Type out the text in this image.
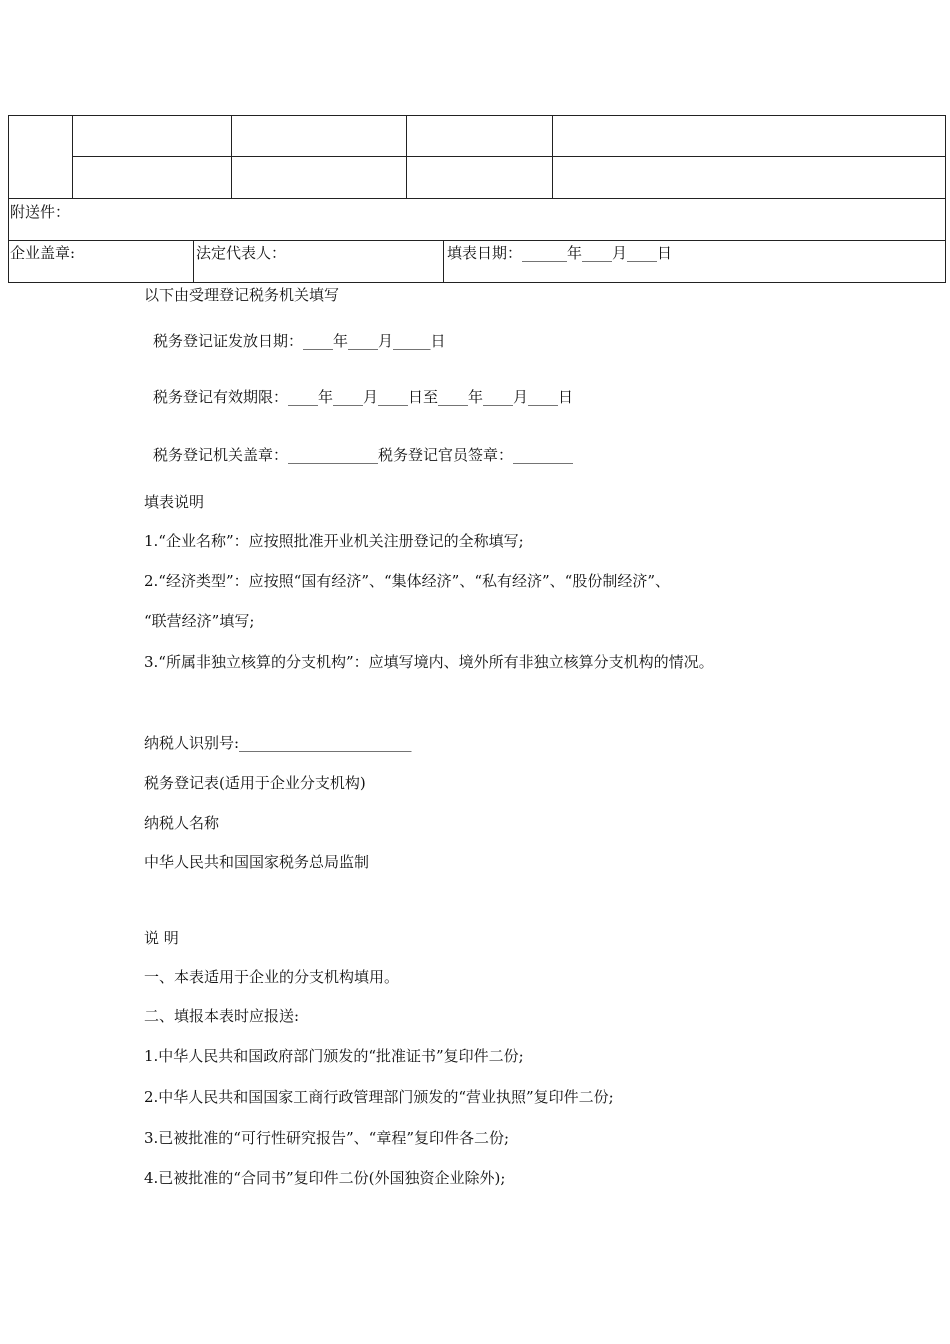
附送件：
企业盖章:	法定代表人：	填表日期：______年____月____日
以下由受理登记税务机关填写
税务登记证发放日期：____年____月_____日
税务登记有效期限：____年____月____日至____年____月____日
税务登记机关盖章：____________税务登记官员签章：________
填表说明
1.“企业名称”：应按照批准开业机关注册登记的全称填写;
2.“经济类型”：应按照“国有经济”、“集体经济”、“私有经济”、“股份制经济”、
“联营经济”填写;
3.“所属非独立核算的分支机构”：应填写境内、境外所有非独立核算分支机构的情况。
纳税人识别号:_______________________
税务登记表(适用于企业分支机构)
纳税人名称
中华人民共和国国家税务总局监制
说 明
一、本表适用于企业的分支机构填用。
二、填报本表时应报送:
1.中华人民共和国政府部门颁发的“批准证书”复印件二份;
2.中华人民共和国国家工商行政管理部门颁发的“营业执照”复印件二份;
3.已被批准的“可行性研究报告”、“章程”复印件各二份;
4.已被批准的“合同书”复印件二份(外国独资企业除外);
